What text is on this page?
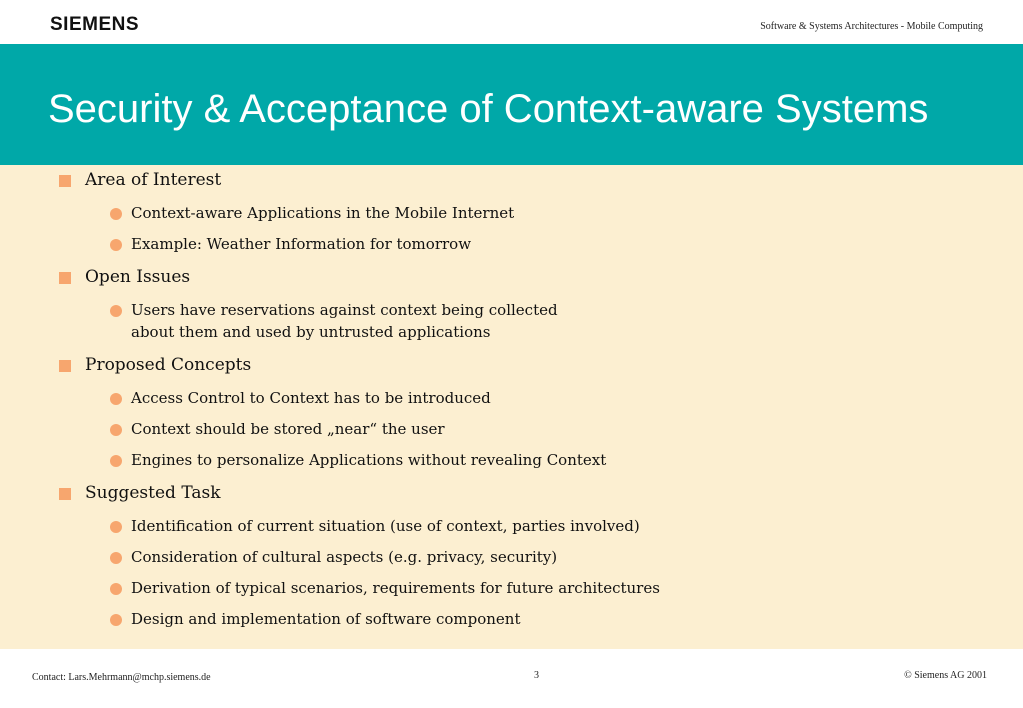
SIEMENS	Software & Systems Architectures - Mobile Computing
Security & Acceptance of Context-aware Systems
Area of Interest
Context-aware Applications in the Mobile Internet
Example: Weather Information for tomorrow
Open Issues
Users have reservations against context being collected
about them and used by untrusted applications
Proposed Concepts
Access Control to Context has to be introduced
Context should be stored „near“ the user
Engines to personalize Applications without revealing Context
Suggested Task
Identification of current situation (use of context, parties involved)
Consideration of cultural aspects (e.g. privacy, security)
Derivation of typical scenarios, requirements for future architectures
Design and implementation of software component
Contact: Lars.Mehrmann@mchp.siemens.de	3	© Siemens AG 2001
